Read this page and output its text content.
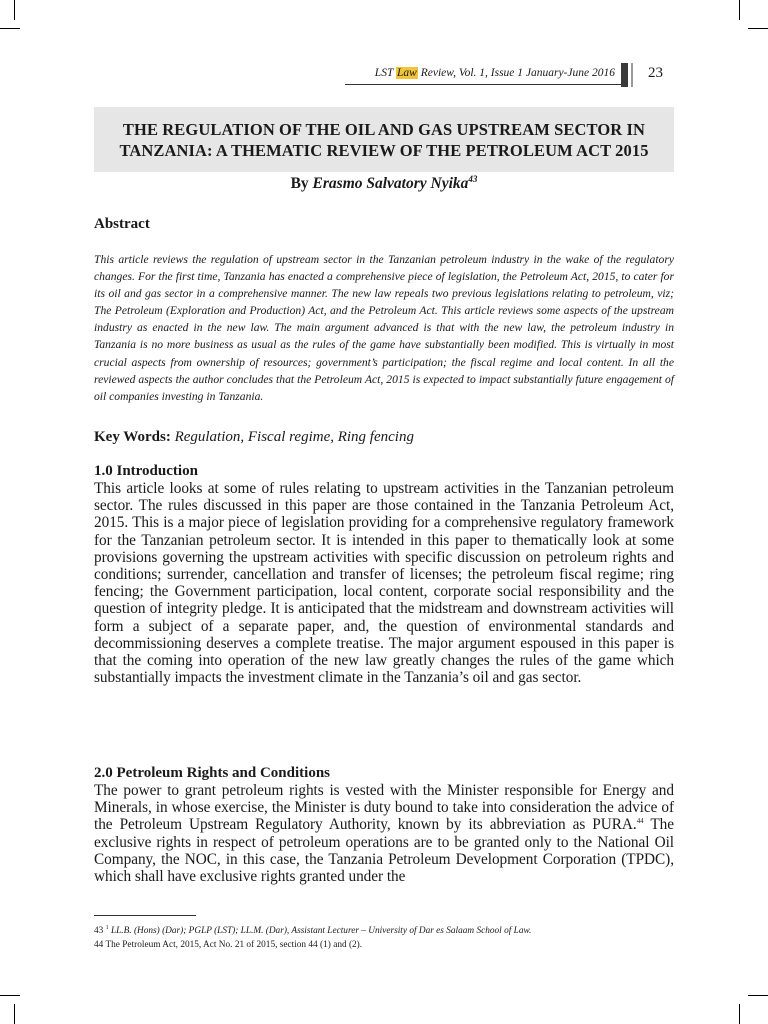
LST Law Review, Vol. 1, Issue 1 January-June 2016 23
THE REGULATION OF THE OIL AND GAS UPSTREAM SECTOR IN
TANZANIA: A THEMATIC REVIEW OF THE PETROLEUM ACT 2015
By Erasmo Salvatory Nyika$^{43}$
Abstract
This article reviews the regulation of upstream sector in the Tanzanian petroleum industry in the wake of the regulatory changes. For the first time, Tanzania has enacted a comprehensive piece of legislation, the Petroleum Act, 2015, to cater for its oil and gas sector in a comprehensive manner. The new law repeals two previous legislations relating to petroleum, viz; The Petroleum (Exploration and Production) Act, and the Petroleum Act. This article reviews some aspects of the upstream industry as enacted in the new law. The main argument advanced is that with the new law, the petroleum industry in Tanzania is no more business as usual as the rules of the game have substantially been modified. This is virtually in most crucial aspects from ownership of resources; government’s participation; the fiscal regime and local content. In all the reviewed aspects the author concludes that the Petroleum Act, 2015 is expected to impact substantially future engagement of oil companies investing in Tanzania.
Key Words: Regulation, Fiscal regime, Ring fencing
1.0 Introduction
This article looks at some of rules relating to upstream activities in the Tanzanian petroleum sector. The rules discussed in this paper are those contained in the Tanzania Petroleum Act, 2015. This is a major piece of legislation providing for a comprehensive regulatory framework for the Tanzanian petroleum sector. It is intended in this paper to thematically look at some provisions governing the upstream activities with specific discussion on petroleum rights and conditions; surrender, cancellation and transfer of licenses; the petroleum fiscal regime; ring fencing; the Government participation, local content, corporate social responsibility and the question of integrity pledge. It is anticipated that the midstream and downstream activities will form a subject of a separate paper, and, the question of environmental standards and decommissioning deserves a complete treatise. The major argument espoused in this paper is that the coming into operation of the new law greatly changes the rules of the game which substantially impacts the investment climate in the Tanzania’s oil and gas sector.
2.0 Petroleum Rights and Conditions
The power to grant petroleum rights is vested with the Minister responsible for Energy and Minerals, in whose exercise, the Minister is duty bound to take into consideration the advice of the Petroleum Upstream Regulatory Authority, known by its abbreviation as PURA.$^{44}$ The exclusive rights in respect of petroleum operations are to be granted only to the National Oil Company, the NOC, in this case, the Tanzania Petroleum Development Corporation (TPDC), which shall have exclusive rights granted under the
43 $^1$ LL.B. (Hons) (Dar); PGLP (LST); LL.M. (Dar), Assistant Lecturer – University of Dar es Salaam School of Law.
44 The Petroleum Act, 2015, Act No. 21 of 2015, section 44 (1) and (2).
